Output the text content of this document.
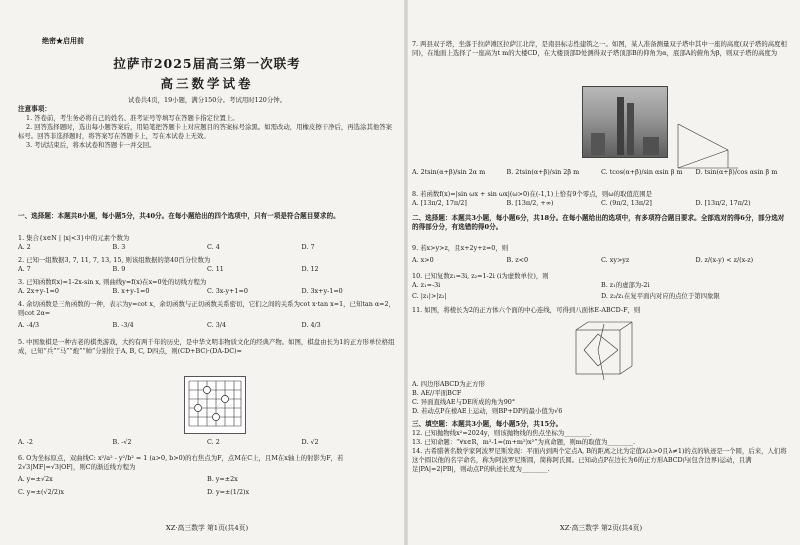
绝密★启用前
拉萨市2025届高三第一次联考
高三数学试卷

试卷共4页，19小题，满分150分。考试用时120分钟。

注意事项：

1. 答卷前，考生务必将自己的姓名、准考证号等填写在答题卡指定位置上。

2. 回答选择题时，选出每小题答案后，用铅笔把答题卡上对应题目的答案标号涂黑。如需改动，用橡皮擦干净后，再选涂其他答案标号。回答非选择题时，将答案写在答题卡上，写在本试卷上无效。

3. 考试结束后，将本试卷和答题卡一并交回。

一、选择题：本题共8小题，每小题5分，共40分。在每小题给出的四个选项中，只有一项是符合题目要求的。

1. 集合{x∈N | |x|<3}中的元素个数为

A. 2	B. 3	C. 4	D. 7

2. 已知一组数据3, 7, 11, 7, 13, 15, 则该组数据的第40百分位数为

A. 7	B. 9	C. 11	D. 12

3. 已知函数f(x)=1-2x-sin x, 则曲线y=f(x)在x=0处的切线方程为

A. 2x+y-1=0	B. x+y-1=0	C. 3x-y+1=0	D. 3x+y-1=0

4. 余切函数是三角函数的一种，表示为y=cot x，余切函数与正切函数关系密切，它们之间的关系为cot x·tan x=1，已知tan α=2，则cot 2α=

A. -4/3	B. -3/4	C. 3/4	D. 4/3

5. 中国象棋是一种古老的棋类游戏，大约有两千年的历史，是中华文明非物质文化的经典产物。如图，棋盘由长为1的正方形单位格组成，已知“兵”“马”“炮”“帅”分别位于A, B, C, D四点，则(CD+BC)·(DA-DC)=

A. -2	B. -√2	C. 2	D. √2

6. O为坐标原点，双曲线C: x²/a² - y²/b² = 1 (a>0, b>0)的右焦点为F，点M在C上，且M在x轴上的射影为F，若2√3|MF|=√3|OF|，则C的渐近线方程为

A. y=±√2x	B. y=±2x
C. y=±(√2/2)x	D. y=±(1/2)x
XZ·高三数学 第1页(共4页)

7. 两县双子塔，坐落于拉萨滩区拉萨江北岸，是南县标志性建筑之一。如图，某人准备测量双子塔中其中一座的高度(双子塔的高度相同)，在地面上选择了一座高为t m的大楼CD，在大楼顶部D处测得双子塔顶部B的仰角为α，底部A的俯角为β，则双子塔的高度为

A. 2tsin(α+β)/sin 2α m	B. 2tsin(α+β)/sin 2β m	C. tcos(α+β)/sin αsin β m	D. tsin(α+β)/cos αsin β m

8. 若函数f(x)=|sin ωx + sin ωx|(ω>0)在(-1,1)上恰有9个零点，则ω的取值范围是

A. [13π/2, 17π/2]	B. [13π/2, +∞)	C. (9π/2, 13π/2]	D. [13π/2, 17π/2)

二、选择题：本题共3小题，每小题6分，共18分。在每小题给出的选项中，有多项符合题目要求。全部选对的得6分，部分选对的得部分分，有选错的得0分。

9. 若x>y>z，且x+2y+z=0，则

A. x>0	B. z<0	C. xy>yz	D. z/(x-y) < z/(x-z)

10. 已知复数z₁=3i, z₂=1-2i (i为虚数单位)，则

A. z₁=-3i	B. z₁的虚部为-2i
C. |z₁|>|z₂|	D. z₂/z₁在复平面内对应的点位于第四象限

11. 如图，将棱长为2的正方体六个面的中心连线，可得到八面体E-ABCD-F，则

A. 四边形ABCD为正方形

B. AE//平面BCF

C. 异面直线AE与DE所成的角为90°

D. 若动点P在棱AE上运动，则BP+DP的最小值为√6

三、填空题：本题共3小题，每小题5分，共15分。

12. 已知抛物线x²=2024y，则该抛物线的焦点坐标为________.

13. 已知命题：“∀x∈R，m²-1=(m+m²)x²”为真命题，则m的取值为________.

14. 古希腊著名数学家阿波罗尼斯发现：平面内到两个定点A, B的距离之比为定值λ(λ>0且λ≠1)的点的轨迹是一个圆，后来，人们将这个圆以他的名字命名，称为阿波罗尼斯圆，简称阿氏圆。已知动点P在边长为6的正方形ABCD内(包含边界)运动，且满足|PA|=2|PB|，则动点P的轨迹长度为________.

XZ·高三数学 第2页(共4页)
